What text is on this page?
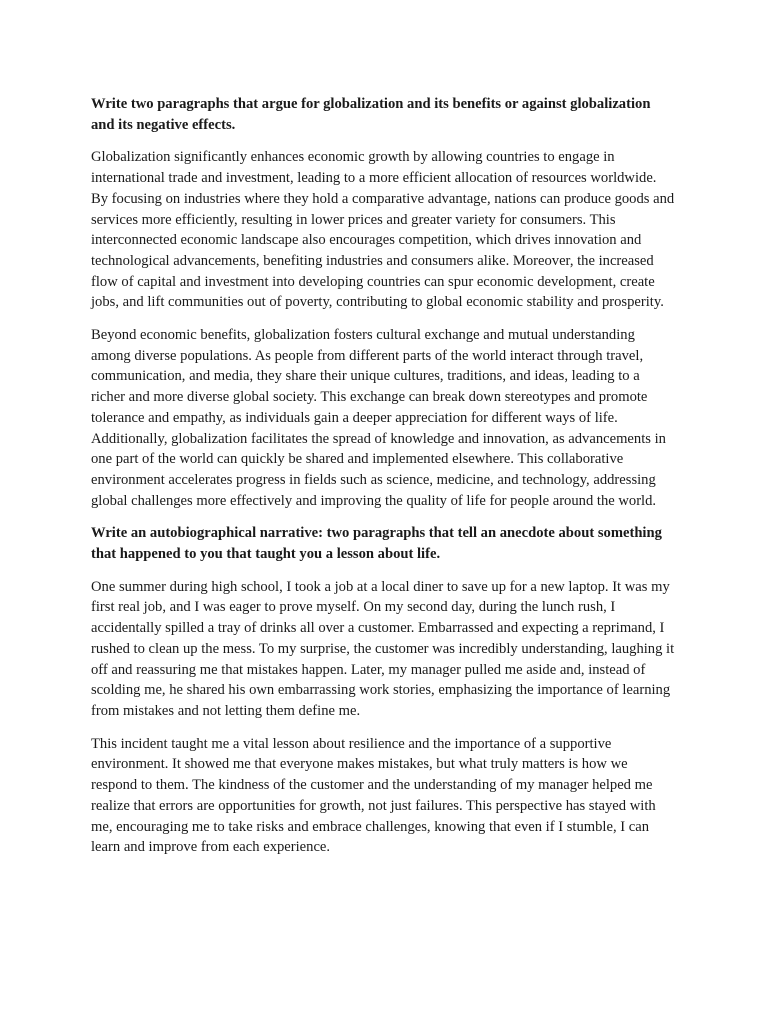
Write two paragraphs that argue for globalization and its benefits or against globalization and its negative effects.

Globalization significantly enhances economic growth by allowing countries to engage in international trade and investment, leading to a more efficient allocation of resources worldwide. By focusing on industries where they hold a comparative advantage, nations can produce goods and services more efficiently, resulting in lower prices and greater variety for consumers. This interconnected economic landscape also encourages competition, which drives innovation and technological advancements, benefiting industries and consumers alike. Moreover, the increased flow of capital and investment into developing countries can spur economic development, create jobs, and lift communities out of poverty, contributing to global economic stability and prosperity.

Beyond economic benefits, globalization fosters cultural exchange and mutual understanding among diverse populations. As people from different parts of the world interact through travel, communication, and media, they share their unique cultures, traditions, and ideas, leading to a richer and more diverse global society. This exchange can break down stereotypes and promote tolerance and empathy, as individuals gain a deeper appreciation for different ways of life. Additionally, globalization facilitates the spread of knowledge and innovation, as advancements in one part of the world can quickly be shared and implemented elsewhere. This collaborative environment accelerates progress in fields such as science, medicine, and technology, addressing global challenges more effectively and improving the quality of life for people around the world.

Write an autobiographical narrative: two paragraphs that tell an anecdote about something that happened to you that taught you a lesson about life.

One summer during high school, I took a job at a local diner to save up for a new laptop. It was my first real job, and I was eager to prove myself. On my second day, during the lunch rush, I accidentally spilled a tray of drinks all over a customer. Embarrassed and expecting a reprimand, I rushed to clean up the mess. To my surprise, the customer was incredibly understanding, laughing it off and reassuring me that mistakes happen. Later, my manager pulled me aside and, instead of scolding me, he shared his own embarrassing work stories, emphasizing the importance of learning from mistakes and not letting them define me.

This incident taught me a vital lesson about resilience and the importance of a supportive environment. It showed me that everyone makes mistakes, but what truly matters is how we respond to them. The kindness of the customer and the understanding of my manager helped me realize that errors are opportunities for growth, not just failures. This perspective has stayed with me, encouraging me to take risks and embrace challenges, knowing that even if I stumble, I can learn and improve from each experience.
